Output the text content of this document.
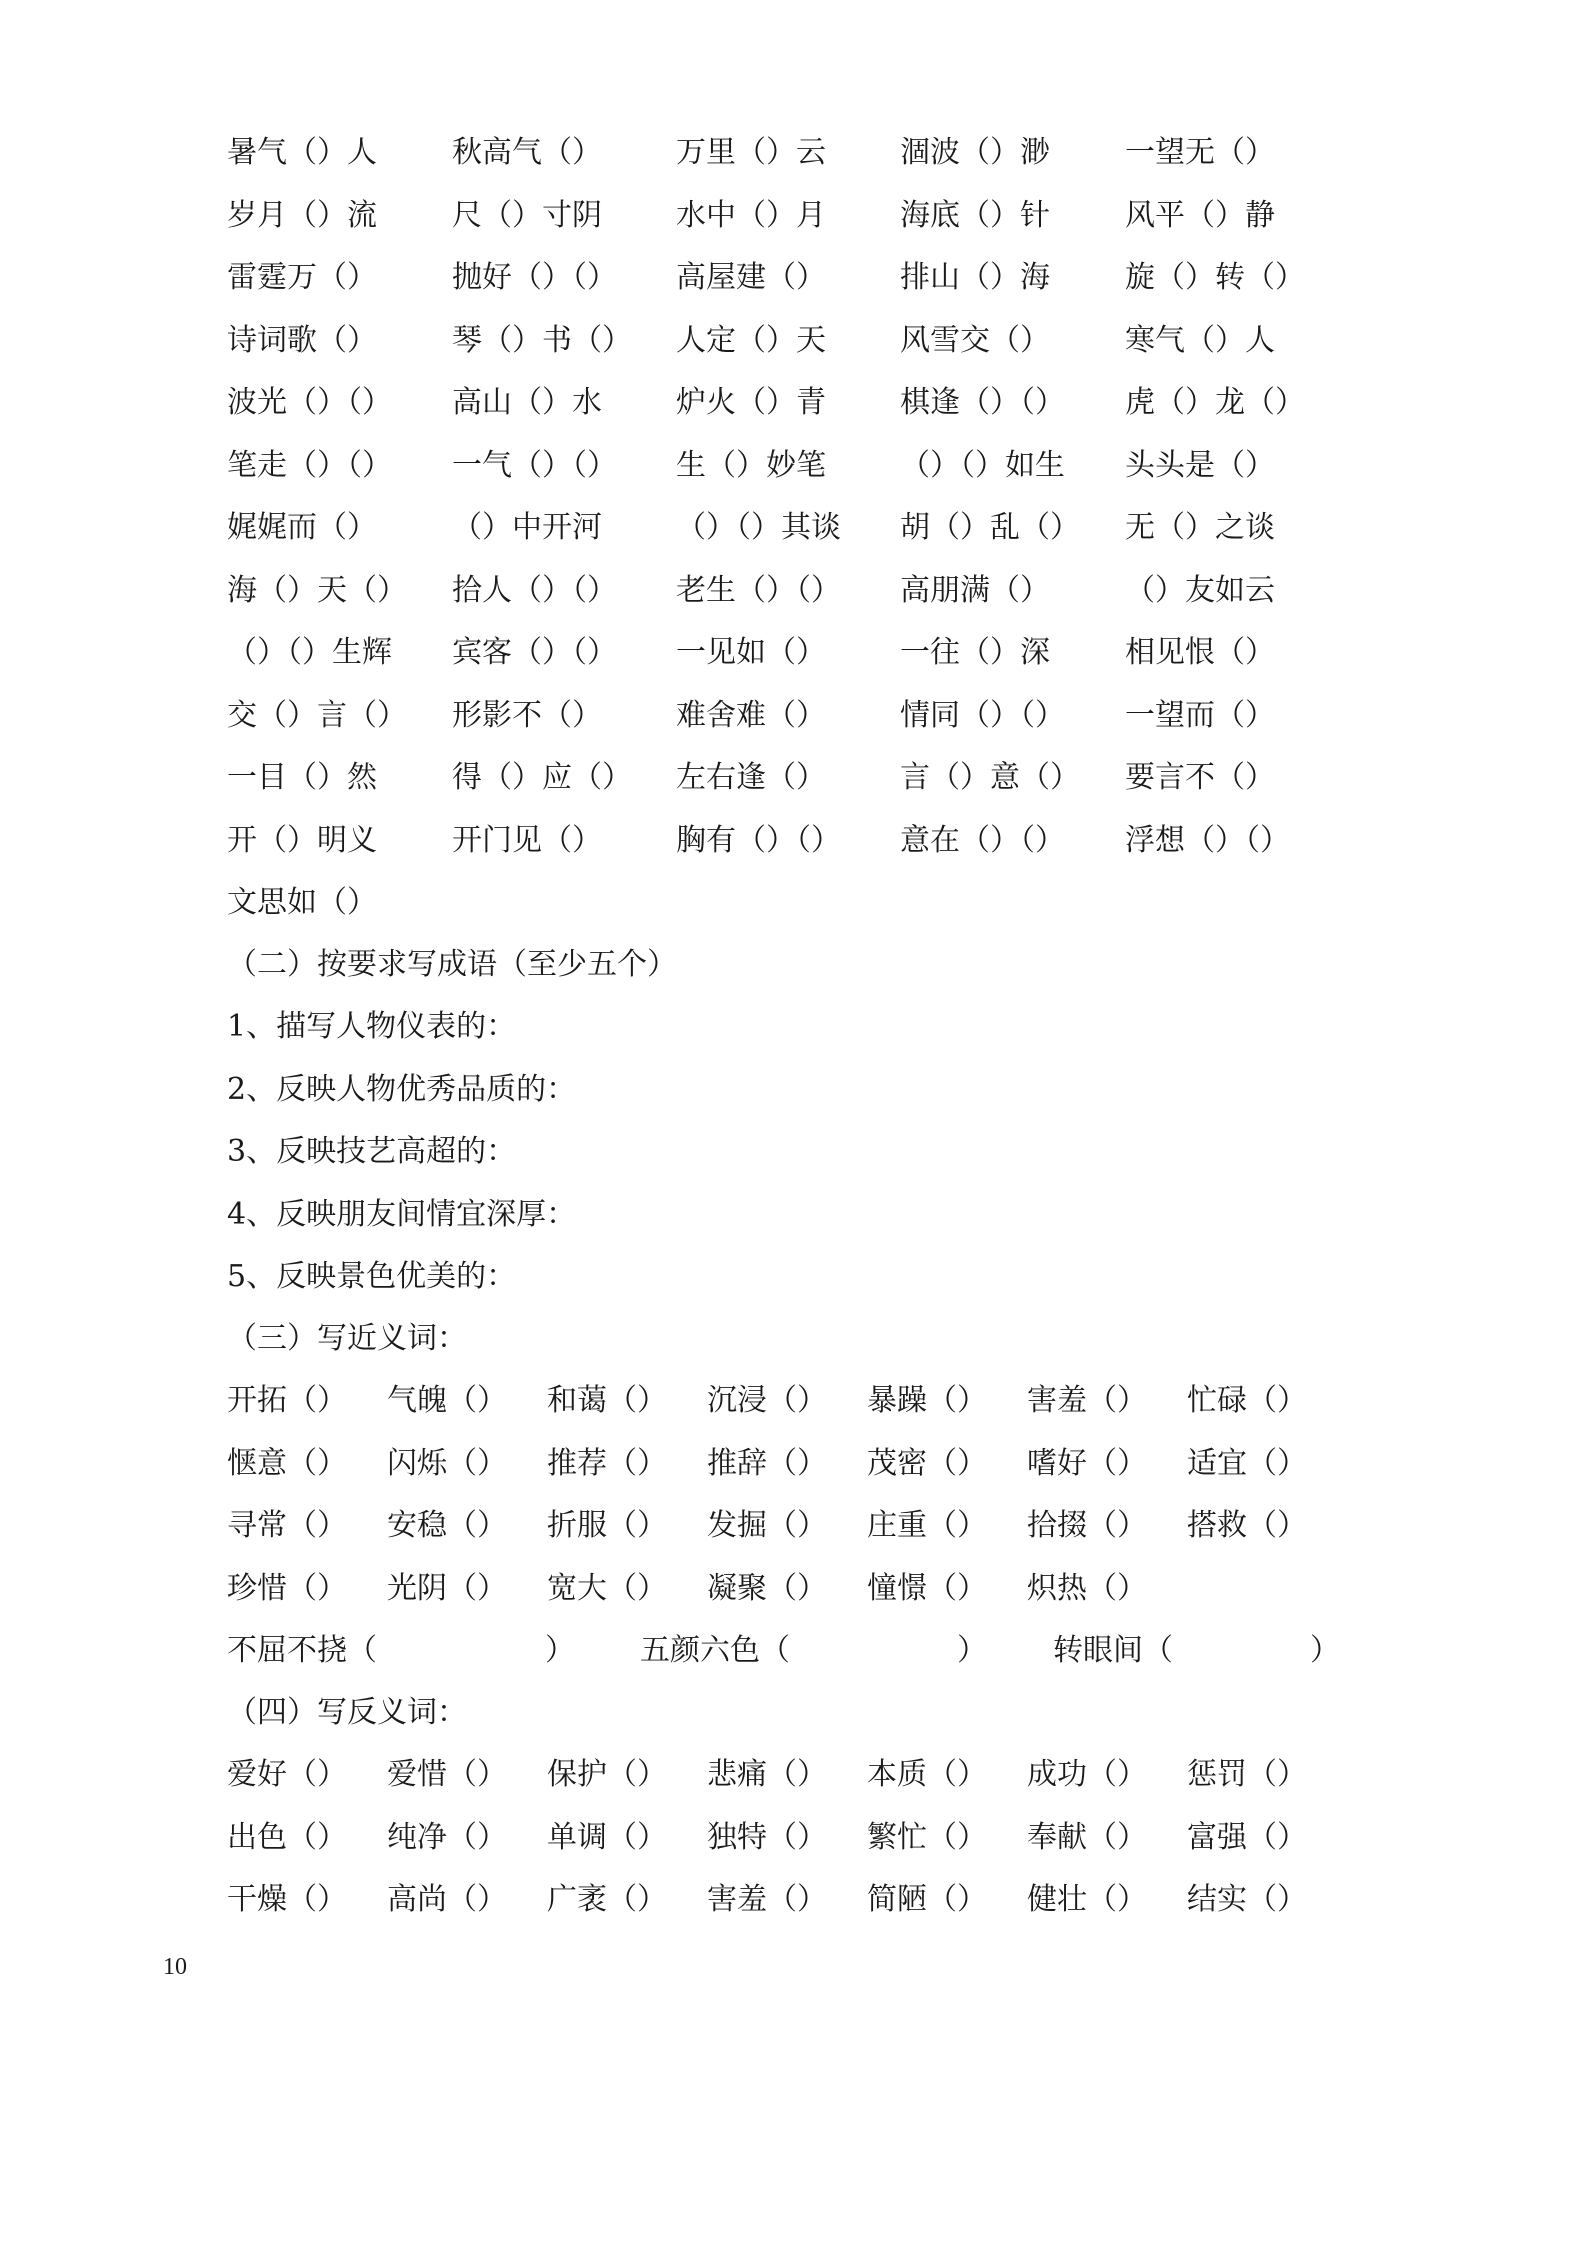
暑气（）人	秋高气（） 万里（）云 涸波（）渺	一望无（）
岁月（）流	尺（）寸阴 水中（）月 海底（）针	风平（）静
雷霆万（）	抛好（）（） 高屋建（） 排山（）海	旋（）转（）
诗词歌（）	琴（）书（） 人定（）天 风雪交（）	寒气（）人
波光（）（） 高山（）水 炉火（）青 棋逢（）（） 虎（）龙（）
笔走（）（） 一气（）（） 生（）妙笔 （）（）如生 头头是（）
娓娓而（）	（）中开河 （）（）其谈 胡（）乱（） 无（）之谈
海（）天（） 拾人（）（） 老生（）（） 高朋满（）	（）友如云
（）（）生辉 宾客（）（） 一见如（） 一往（）深	相见恨（）
交（）言（） 形影不（） 难舍难（） 情同（）（） 一望而（）
一目（）然	得（）应（） 左右逢（） 言（）意（） 要言不（）
开（）明义	开门见（） 胸有（）（） 意在（）（） 浮想（）（）
文思如（）
（二）按要求写成语（至少五个）
1、描写人物仪表的：
2、反映人物优秀品质的：
3、反映技艺高超的：
4、反映朋友间情宜深厚：
5、反映景色优美的：
（三）写近义词：
开拓（） 气魄（） 和蔼（） 沉浸（） 暴躁（） 害羞（） 忙碌（）
惬意（） 闪烁（） 推荐（） 推辞（） 茂密（） 嗜好（） 适宜（）
寻常（） 安稳（） 折服（） 发掘（） 庄重（） 拾掇（） 搭救（）
珍惜（） 光阴（） 宽大（） 凝聚（） 憧憬（） 炽热（）
不屈不挠（	） 五颜六色（	） 转眼间（	）
（四）写反义词：
爱好（） 爱惜（） 保护（） 悲痛（） 本质（） 成功（） 惩罚（）
出色（） 纯净（） 单调（） 独特（） 繁忙（） 奉献（） 富强（）
干燥（） 高尚（） 广袤（） 害羞（） 简陋（） 健壮（） 结实（）
10
